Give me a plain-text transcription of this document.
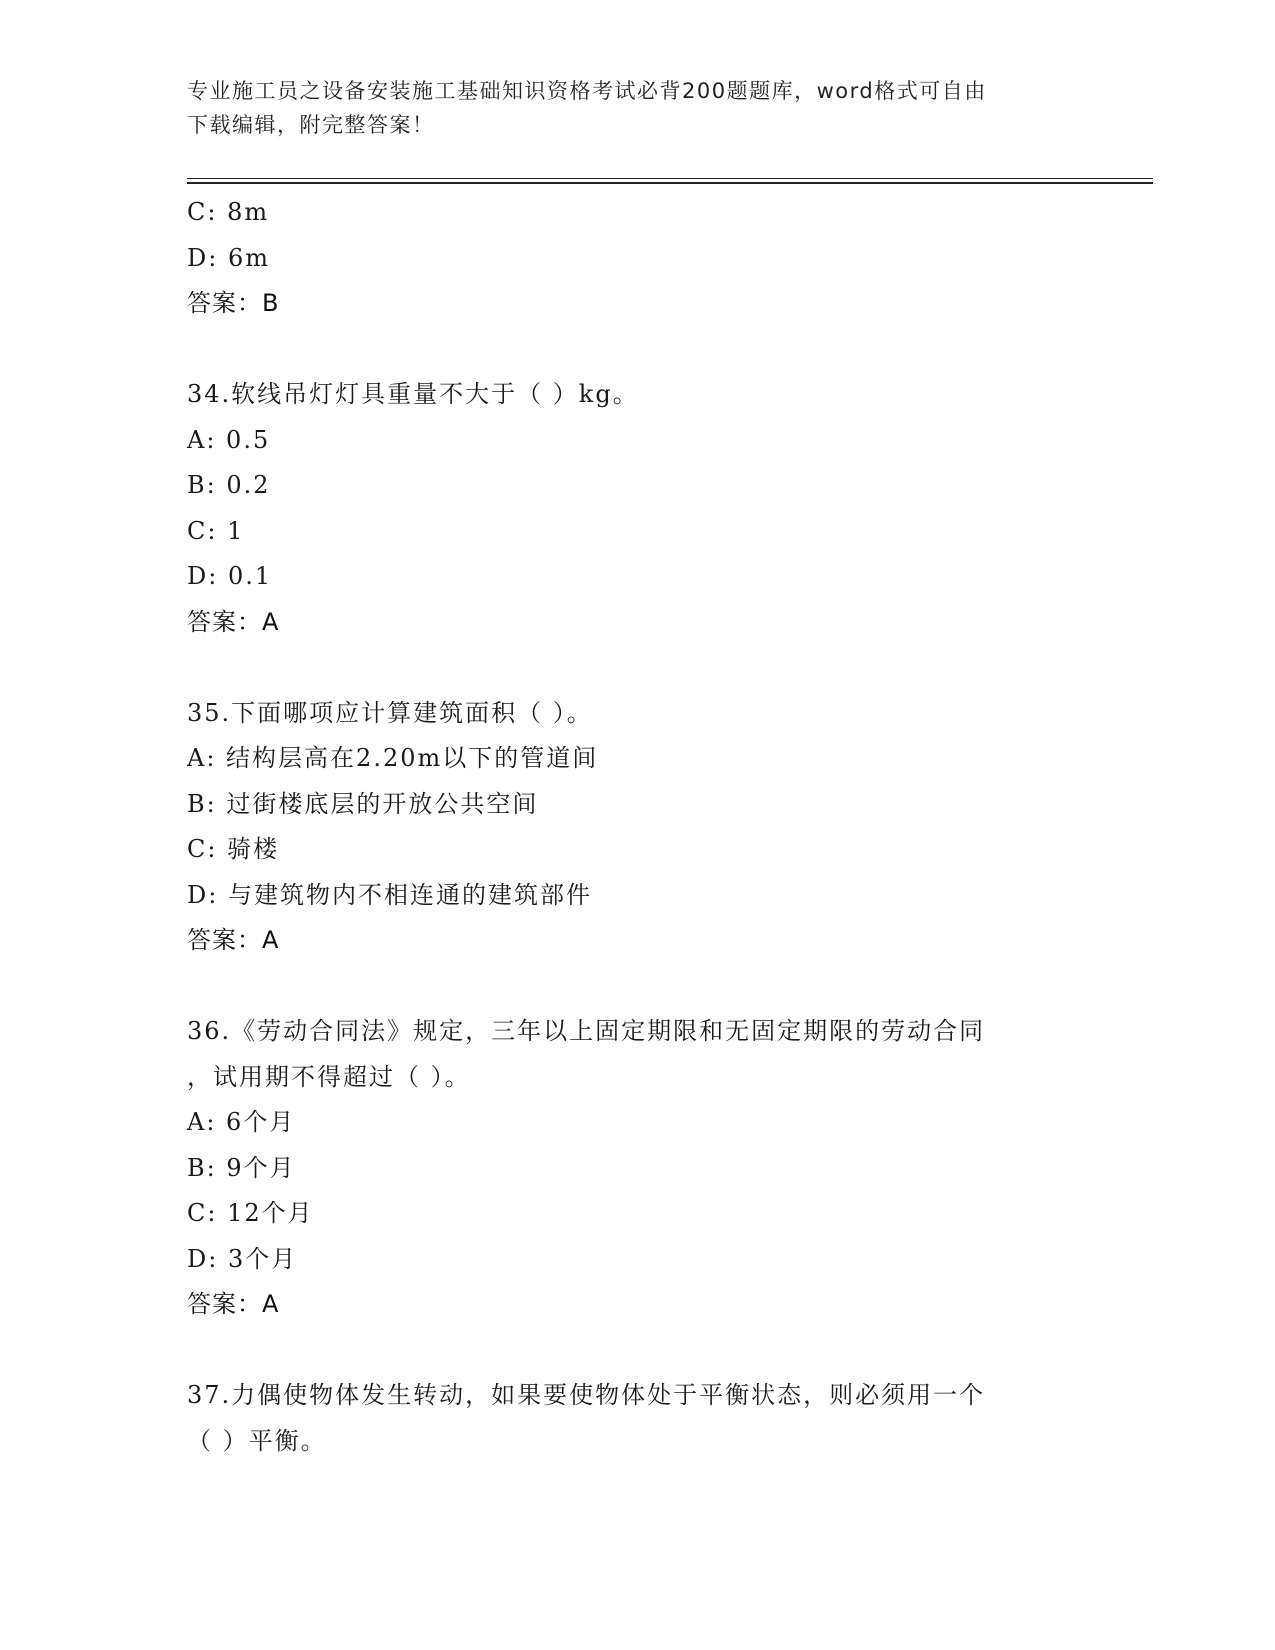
专业施工员之设备安装施工基础知识资格考试必背200题题库，word格式可自由
下载编辑，附完整答案！
C: 8m
D: 6m
答案：B
34.软线吊灯灯具重量不大于（ ）kg。
A: 0.5
B: 0.2
C: 1
D: 0.1
答案：A
35.下面哪项应计算建筑面积（ ）。
A: 结构层高在2.20m以下的管道间
B: 过街楼底层的开放公共空间
C: 骑楼
D: 与建筑物内不相连通的建筑部件
答案：A
36.《劳动合同法》规定，三年以上固定期限和无固定期限的劳动合同
，试用期不得超过（ ）。
A: 6个月
B: 9个月
C: 12个月
D: 3个月
答案：A
37.力偶使物体发生转动，如果要使物体处于平衡状态，则必须用一个
（ ）平衡。
